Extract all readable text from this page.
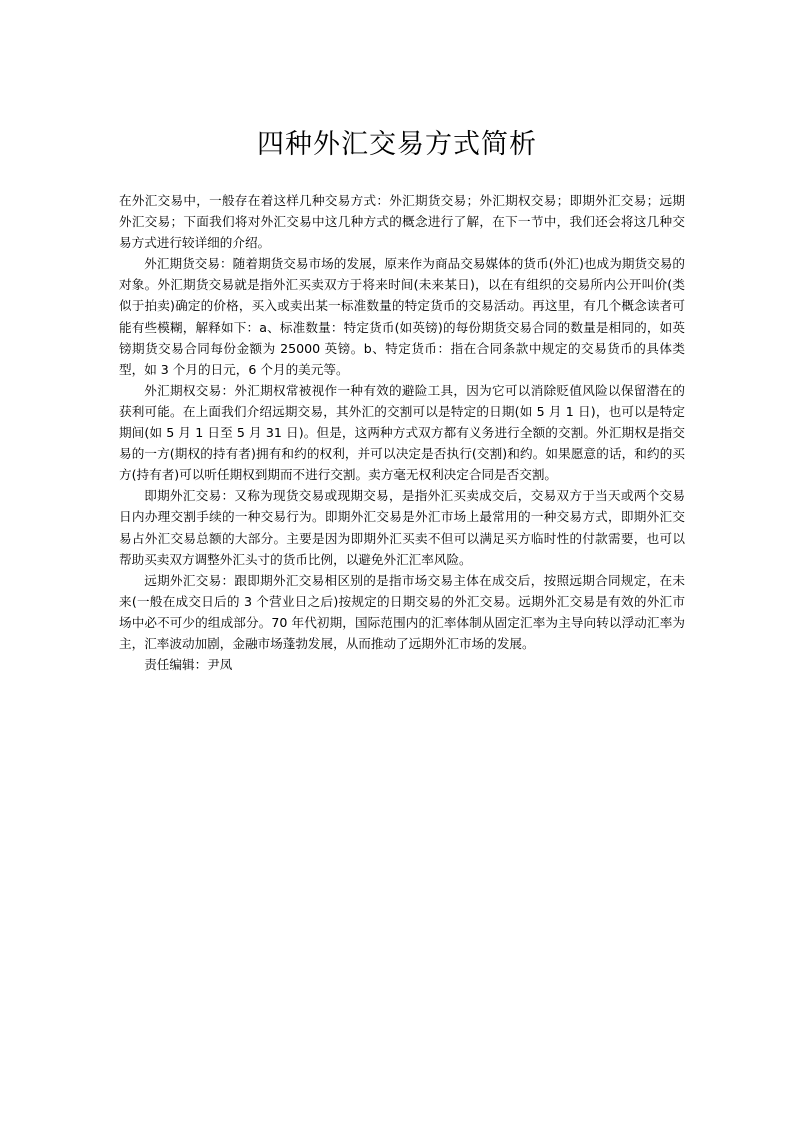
四种外汇交易方式简析

在外汇交易中，一般存在着这样几种交易方式：外汇期货交易；外汇期权交易；即期外汇交易；远期外汇交易；下面我们将对外汇交易中这几种方式的概念进行了解，在下一节中，我们还会将这几种交易方式进行较详细的介绍。

外汇期货交易：随着期货交易市场的发展，原来作为商品交易媒体的货币(外汇)也成为期货交易的对象。外汇期货交易就是指外汇买卖双方于将来时间(未来某日)，以在有组织的交易所内公开叫价(类似于拍卖)确定的价格，买入或卖出某一标准数量的特定货币的交易活动。再这里，有几个概念读者可能有些模糊，解释如下：a、标准数量：特定货币(如英镑)的每份期货交易合同的数量是相同的，如英镑期货交易合同每份金额为 25000 英镑。b、特定货币：指在合同条款中规定的交易货币的具体类型，如 3 个月的日元，6 个月的美元等。

外汇期权交易：外汇期权常被视作一种有效的避险工具，因为它可以消除贬值风险以保留潜在的获利可能。在上面我们介绍远期交易，其外汇的交割可以是特定的日期(如 5 月 1 日)，也可以是特定期间(如 5 月 1 日至 5 月 31 日)。但是，这两种方式双方都有义务进行全额的交割。外汇期权是指交易的一方(期权的持有者)拥有和约的权利，并可以决定是否执行(交割)和约。如果愿意的话，和约的买方(持有者)可以听任期权到期而不进行交割。卖方毫无权利决定合同是否交割。

即期外汇交易：又称为现货交易或现期交易，是指外汇买卖成交后，交易双方于当天或两个交易日内办理交割手续的一种交易行为。即期外汇交易是外汇市场上最常用的一种交易方式，即期外汇交易占外汇交易总额的大部分。主要是因为即期外汇买卖不但可以满足买方临时性的付款需要，也可以帮助买卖双方调整外汇头寸的货币比例，以避免外汇汇率风险。

远期外汇交易：跟即期外汇交易相区别的是指市场交易主体在成交后，按照远期合同规定，在未来(一般在成交日后的 3 个营业日之后)按规定的日期交易的外汇交易。远期外汇交易是有效的外汇市场中必不可少的组成部分。70 年代初期，国际范围内的汇率体制从固定汇率为主导向转以浮动汇率为主，汇率波动加剧，金融市场蓬勃发展，从而推动了远期外汇市场的发展。

责任编辑：尹凤
